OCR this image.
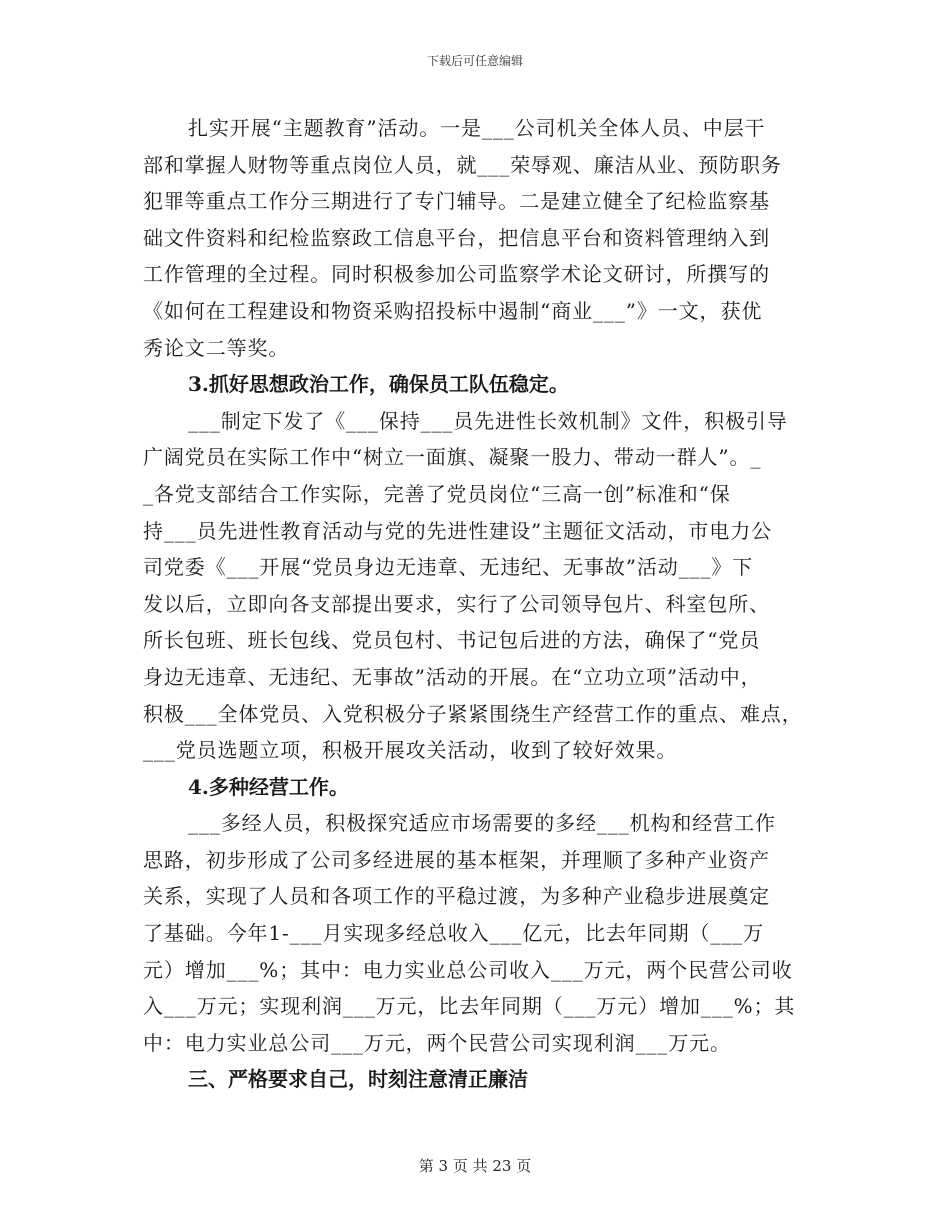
下载后可任意编辑
扎实开展“主题教育”活动。一是___公司机关全体人员、中层干
部和掌握人财物等重点岗位人员，就___荣辱观、廉洁从业、预防职务
犯罪等重点工作分三期进行了专门辅导。二是建立健全了纪检监察基
础文件资料和纪检监察政工信息平台，把信息平台和资料管理纳入到
工作管理的全过程。同时积极参加公司监察学术论文研讨，所撰写的
《如何在工程建设和物资采购招投标中遏制“商业___”》一文，获优
秀论文二等奖。
3.抓好思想政治工作，确保员工队伍稳定。
___制定下发了《___保持___员先进性长效机制》文件，积极引导
广阔党员在实际工作中“树立一面旗、凝聚一股力、带动一群人”。_
_各党支部结合工作实际，完善了党员岗位“三高一创”标准和“保
持___员先进性教育活动与党的先进性建设”主题征文活动，市电力公
司党委《___开展“党员身边无违章、无违纪、无事故”活动___》下
发以后，立即向各支部提出要求，实行了公司领导包片、科室包所、
所长包班、班长包线、党员包村、书记包后进的方法，确保了“党员
身边无违章、无违纪、无事故”活动的开展。在“立功立项”活动中，
积极___全体党员、入党积极分子紧紧围绕生产经营工作的重点、难点，
___党员选题立项，积极开展攻关活动，收到了较好效果。
4.多种经营工作。
___多经人员，积极探究适应市场需要的多经___机构和经营工作
思路，初步形成了公司多经进展的基本框架，并理顺了多种产业资产
关系，实现了人员和各项工作的平稳过渡，为多种产业稳步进展奠定
了基础。今年1-___月实现多经总收入___亿元，比去年同期（___万
元）增加___%；其中：电力实业总公司收入___万元，两个民营公司收
入___万元；实现利润___万元，比去年同期（___万元）增加___%；其
中：电力实业总公司___万元，两个民营公司实现利润___万元。
三、严格要求自己，时刻注意清正廉洁
第 3 页 共 23 页
